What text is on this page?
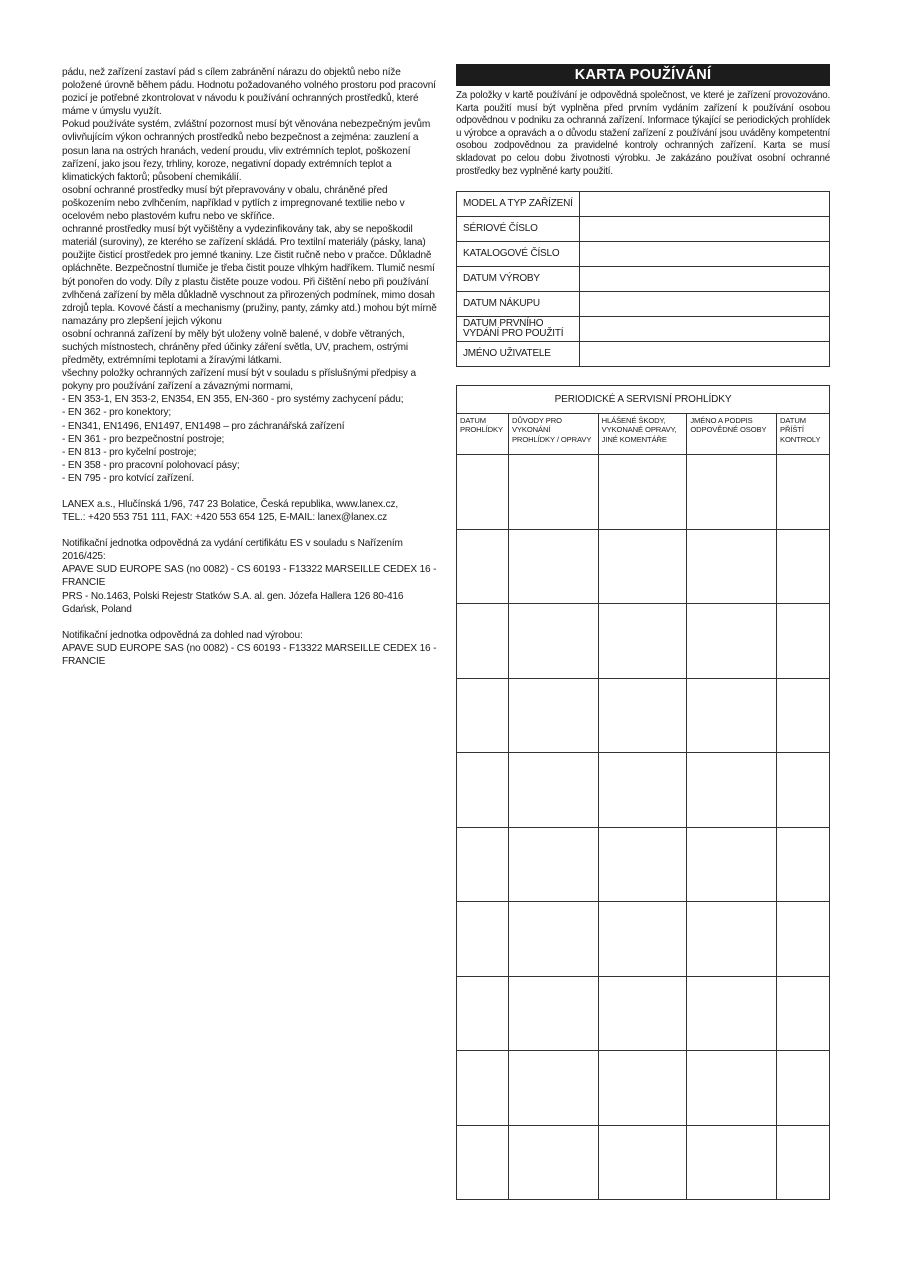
pádu, než zařízení zastaví pád s cílem zabránění nárazu do objektů nebo níže položené úrovně během pádu. Hodnotu požadovaného volného prostoru pod pracovní pozicí je potřebné zkontrolovat v návodu k používání ochranných prostředků, které máme v úmyslu využít.

Pokud používáte systém, zvláštní pozornost musí být věnována nebezpečným jevům ovlivňujícím výkon ochranných prostředků nebo bezpečnost a zejména: zauzlení a posun lana na ostrých hranách, vedení proudu, vliv extrémních teplot, poškození zařízení, jako jsou řezy, trhliny, koroze, negativní dopady extrémních teplot a klimatických faktorů; působení chemikálií.

osobní ochranné prostředky musí být přepravovány v obalu, chráněné před poškozením nebo zvlhčením, například v pytlích z impregnované textilie nebo v ocelovém nebo plastovém kufru nebo ve skříňce.

ochranné prostředky musí být vyčištěny a vydezinfikovány tak, aby se nepoškodil materiál (suroviny), ze kterého se zařízení skládá. Pro textilní materiály (pásky, lana) použijte čisticí prostředek pro jemné tkaniny. Lze čistit ručně nebo v pračce. Důkladně opláchněte. Bezpečnostní tlumiče je třeba čistit pouze vlhkým hadříkem. Tlumič nesmí být ponořen do vody. Díly z plastu čistěte pouze vodou. Při čištění nebo při používání zvlhčená zařízení by měla důkladně vyschnout za přirozených podmínek, mimo dosah zdrojů tepla. Kovové částí a mechanismy (pružiny, panty, zámky atd.) mohou být mírně namazány pro zlepšení jejich výkonu

osobní ochranná zařízení by měly být uloženy volně balené, v dobře větraných, suchých místnostech, chráněny před účinky záření světla, UV, prachem, ostrými předměty, extrémními teplotami a žíravými látkami.

všechny položky ochranných zařízení musí být v souladu s příslušnými předpisy a pokyny pro používání zařízení a závaznými normami,

- EN 353-1, EN 353-2, EN354, EN 355, EN-360 - pro systémy zachycení pádu;

- EN 362 - pro konektory;

- EN341, EN1496, EN1497, EN1498 – pro záchranářská zařízení

- EN 361 - pro bezpečnostní postroje;

- EN 813 - pro kyčelní postroje;

- EN 358 - pro pracovní polohovací pásy;

- EN 795 - pro kotvící zařízení.

LANEX a.s., Hlučínská 1/96, 747 23 Bolatice, Česká republika, www.lanex.cz,

TEL.: +420 553 751 111, FAX: +420 553 654 125, E-MAIL: lanex@lanex.cz

Notifikační jednotka odpovědná za vydání certifikátu ES v souladu s Nařízením 2016/425:

APAVE SUD EUROPE SAS (no 0082) - CS 60193 - F13322 MARSEILLE CEDEX 16 - FRANCIE

PRS - No.1463, Polski Rejestr Statków S.A. al. gen. Józefa Hallera 126 80-416 Gdańsk, Poland

Notifikační jednotka odpovědná za dohled nad výrobou:

APAVE SUD EUROPE SAS (no 0082) - CS 60193 - F13322 MARSEILLE CEDEX 16 - FRANCIE

KARTA POUŽÍVÁNÍ

Za položky v kartě používání je odpovědná společnost, ve které je zařízení provozováno. Karta použití musí být vyplněna před prvním vydáním zařízení k používání osobou odpovědnou v podniku za ochranná zařízení. Informace týkající se periodických prohlídek u výrobce a opravách a o důvodu stažení zařízení z používání jsou uváděny kompetentní osobou zodpovědnou za pravidelné kontroly ochranných zařízení. Karta se musí skladovat po celou dobu životnosti výrobku. Je zakázáno používat osobní ochranné prostředky bez vyplněné karty použití.

MODEL A TYP ZAŘÍZENÍ	
SÉRIOVÉ ČÍSLO	
KATALOGOVÉ ČÍSLO	
DATUM VÝROBY	
DATUM NÁKUPU	
DATUM PRVNÍHO VYDÁNÍ PRO POUŽITÍ	
JMÉNO UŽIVATELE	
PERIODICKÉ A SERVISNÍ PROHLÍDKY				
DATUM PROHLÍDKY	DŮVODY PRO VYKONÁNÍ PROHLÍDKY / OPRAVY	HLÁŠENÉ ŠKODY, VYKONANÉ OPRAVY, JINÉ KOMENTÁŘE	JMÉNO A PODPIS ODPOVĚDNÉ OSOBY	DATUM PŘÍŠTÍ KONTROLY
